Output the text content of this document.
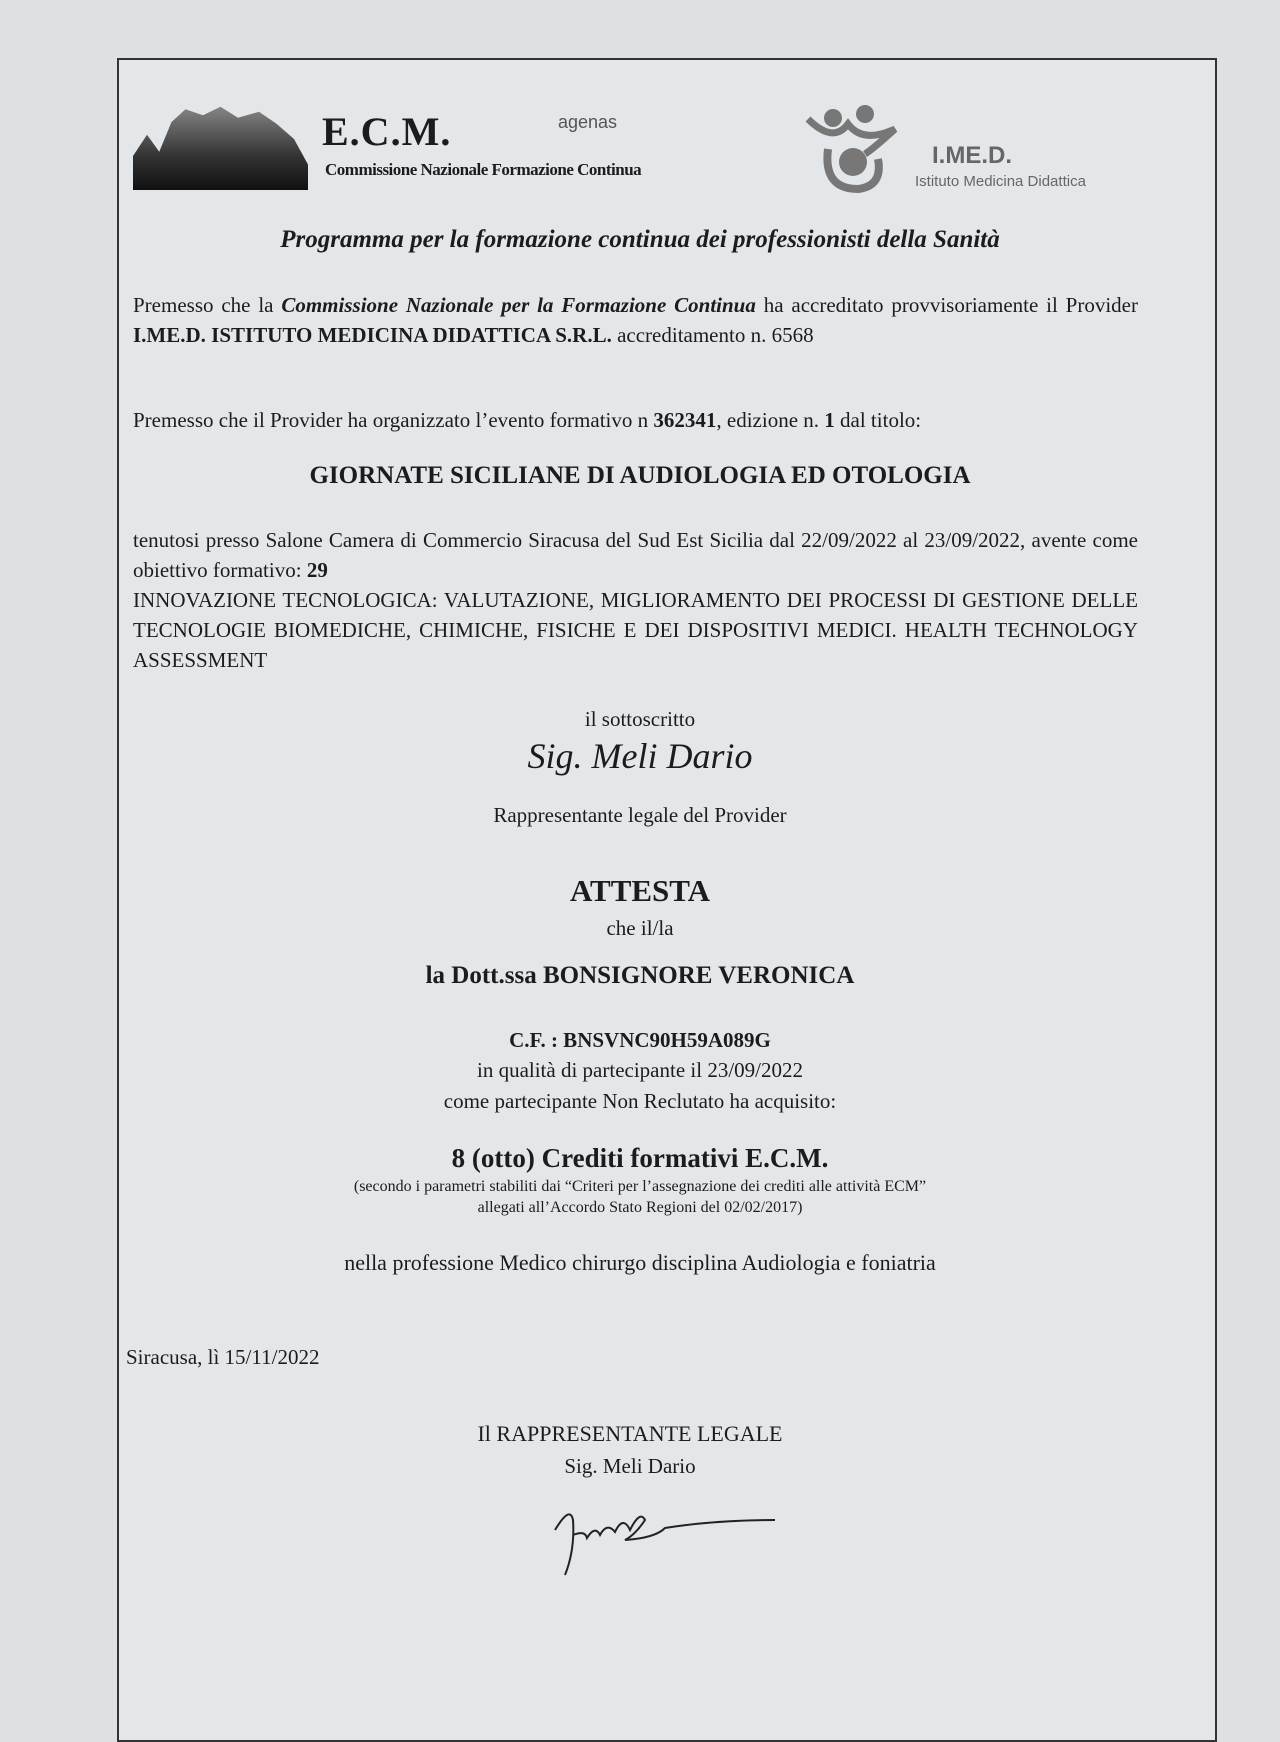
E.C.M.
Commissione Nazionale Formazione Continua
agenas
I.ME.D.
Istituto Medicina Didattica
Programma per la formazione continua dei professionisti della Sanità
Premesso che la Commissione Nazionale per la Formazione Continua ha accreditato provvisoriamente il Provider I.ME.D. ISTITUTO MEDICINA DIDATTICA S.R.L. accreditamento n. 6568
Premesso che il Provider ha organizzato l’evento formativo n 362341, edizione n. 1 dal titolo:
GIORNATE SICILIANE DI AUDIOLOGIA ED OTOLOGIA
tenutosi presso Salone Camera di Commercio Siracusa del Sud Est Sicilia dal 22/09/2022 al 23/09/2022, avente come obiettivo formativo: 29
INNOVAZIONE TECNOLOGICA: VALUTAZIONE, MIGLIORAMENTO DEI PROCESSI DI GESTIONE DELLE TECNOLOGIE BIOMEDICHE, CHIMICHE, FISICHE E DEI DISPOSITIVI MEDICI. HEALTH TECHNOLOGY ASSESSMENT
il sottoscritto
Sig. Meli Dario
Rappresentante legale del Provider
ATTESTA
che il/la
la Dott.ssa BONSIGNORE VERONICA
C.F. : BNSVNC90H59A089G
in qualità di partecipante il 23/09/2022
come partecipante Non Reclutato ha acquisito:
8 (otto) Crediti formativi E.C.M.
(secondo i parametri stabiliti dai “Criteri per l’assegnazione dei crediti alle attività ECM”
allegati all’Accordo Stato Regioni del 02/02/2017)
nella professione Medico chirurgo disciplina Audiologia e foniatria
Siracusa, lì 15/11/2022
Il RAPPRESENTANTE LEGALE
Sig. Meli Dario
